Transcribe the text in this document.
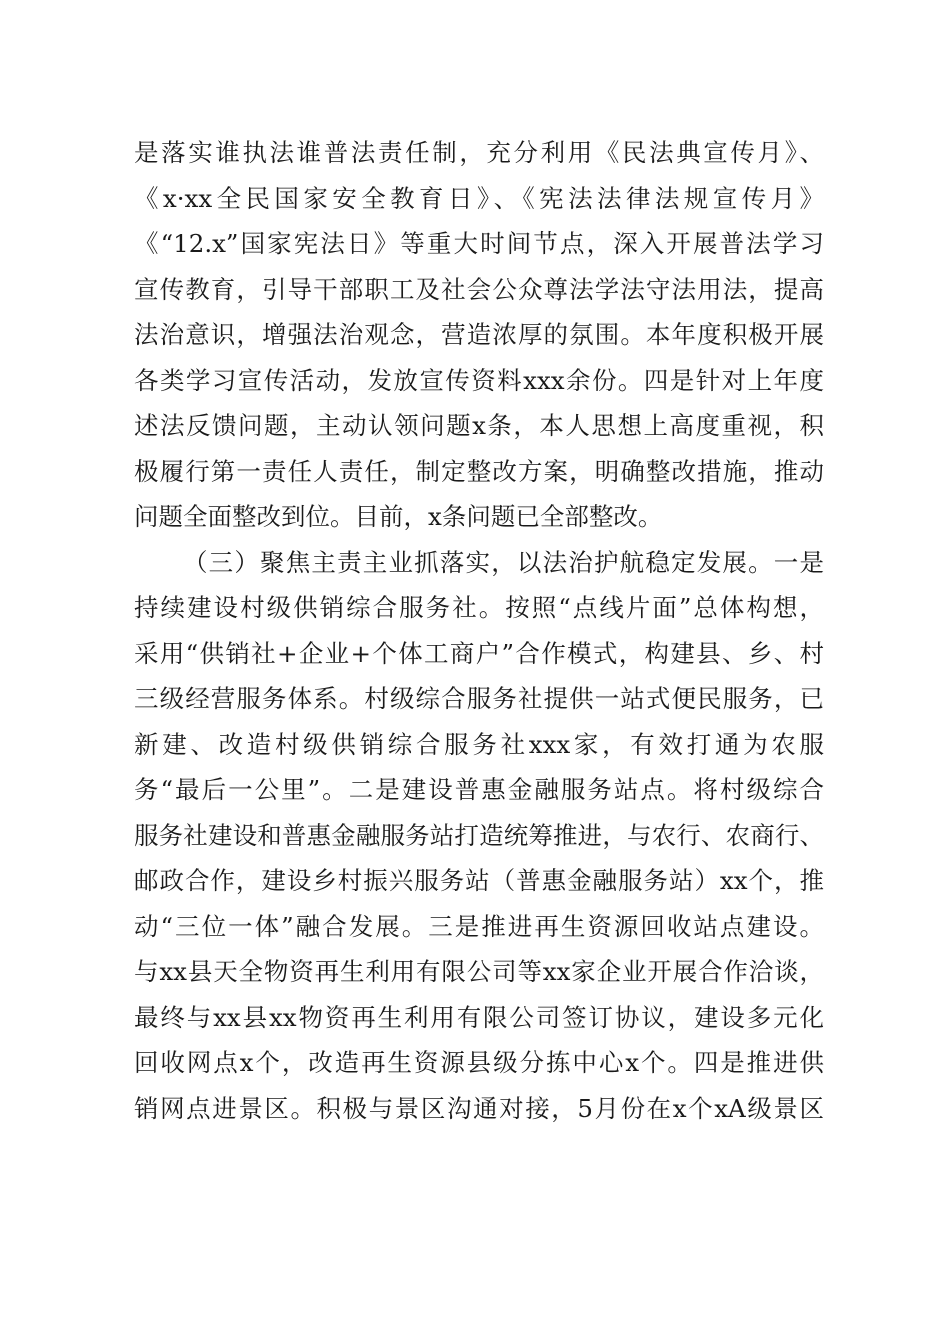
是落实谁执法谁普法责任制，充分利用《民法典宣传月》、
《x·xx全民国家安全教育日》、《宪法法律法规宣传月》
《“12.x”国家宪法日》等重大时间节点，深入开展普法学习
宣传教育，引导干部职工及社会公众尊法学法守法用法，提高
法治意识，增强法治观念，营造浓厚的氛围。本年度积极开展
各类学习宣传活动，发放宣传资料xxx余份。四是针对上年度
述法反馈问题，主动认领问题x条，本人思想上高度重视，积
极履行第一责任人责任，制定整改方案，明确整改措施，推动
问题全面整改到位。目前，x条问题已全部整改。
（三）聚焦主责主业抓落实，以法治护航稳定发展。一是
持续建设村级供销综合服务社。按照“点线片面”总体构想，
采用“供销社+企业+个体工商户”合作模式，构建县、乡、村
三级经营服务体系。村级综合服务社提供一站式便民服务，已
新建、改造村级供销综合服务社xxx家，有效打通为农服
务“最后一公里”。二是建设普惠金融服务站点。将村级综合
服务社建设和普惠金融服务站打造统筹推进，与农行、农商行、
邮政合作，建设乡村振兴服务站（普惠金融服务站）xx个，推
动“三位一体”融合发展。三是推进再生资源回收站点建设。
与xx县天全物资再生利用有限公司等xx家企业开展合作洽谈，
最终与xx县xx物资再生利用有限公司签订协议，建设多元化
回收网点x个，改造再生资源县级分拣中心x个。四是推进供
销网点进景区。积极与景区沟通对接，5月份在x个xA级景区
